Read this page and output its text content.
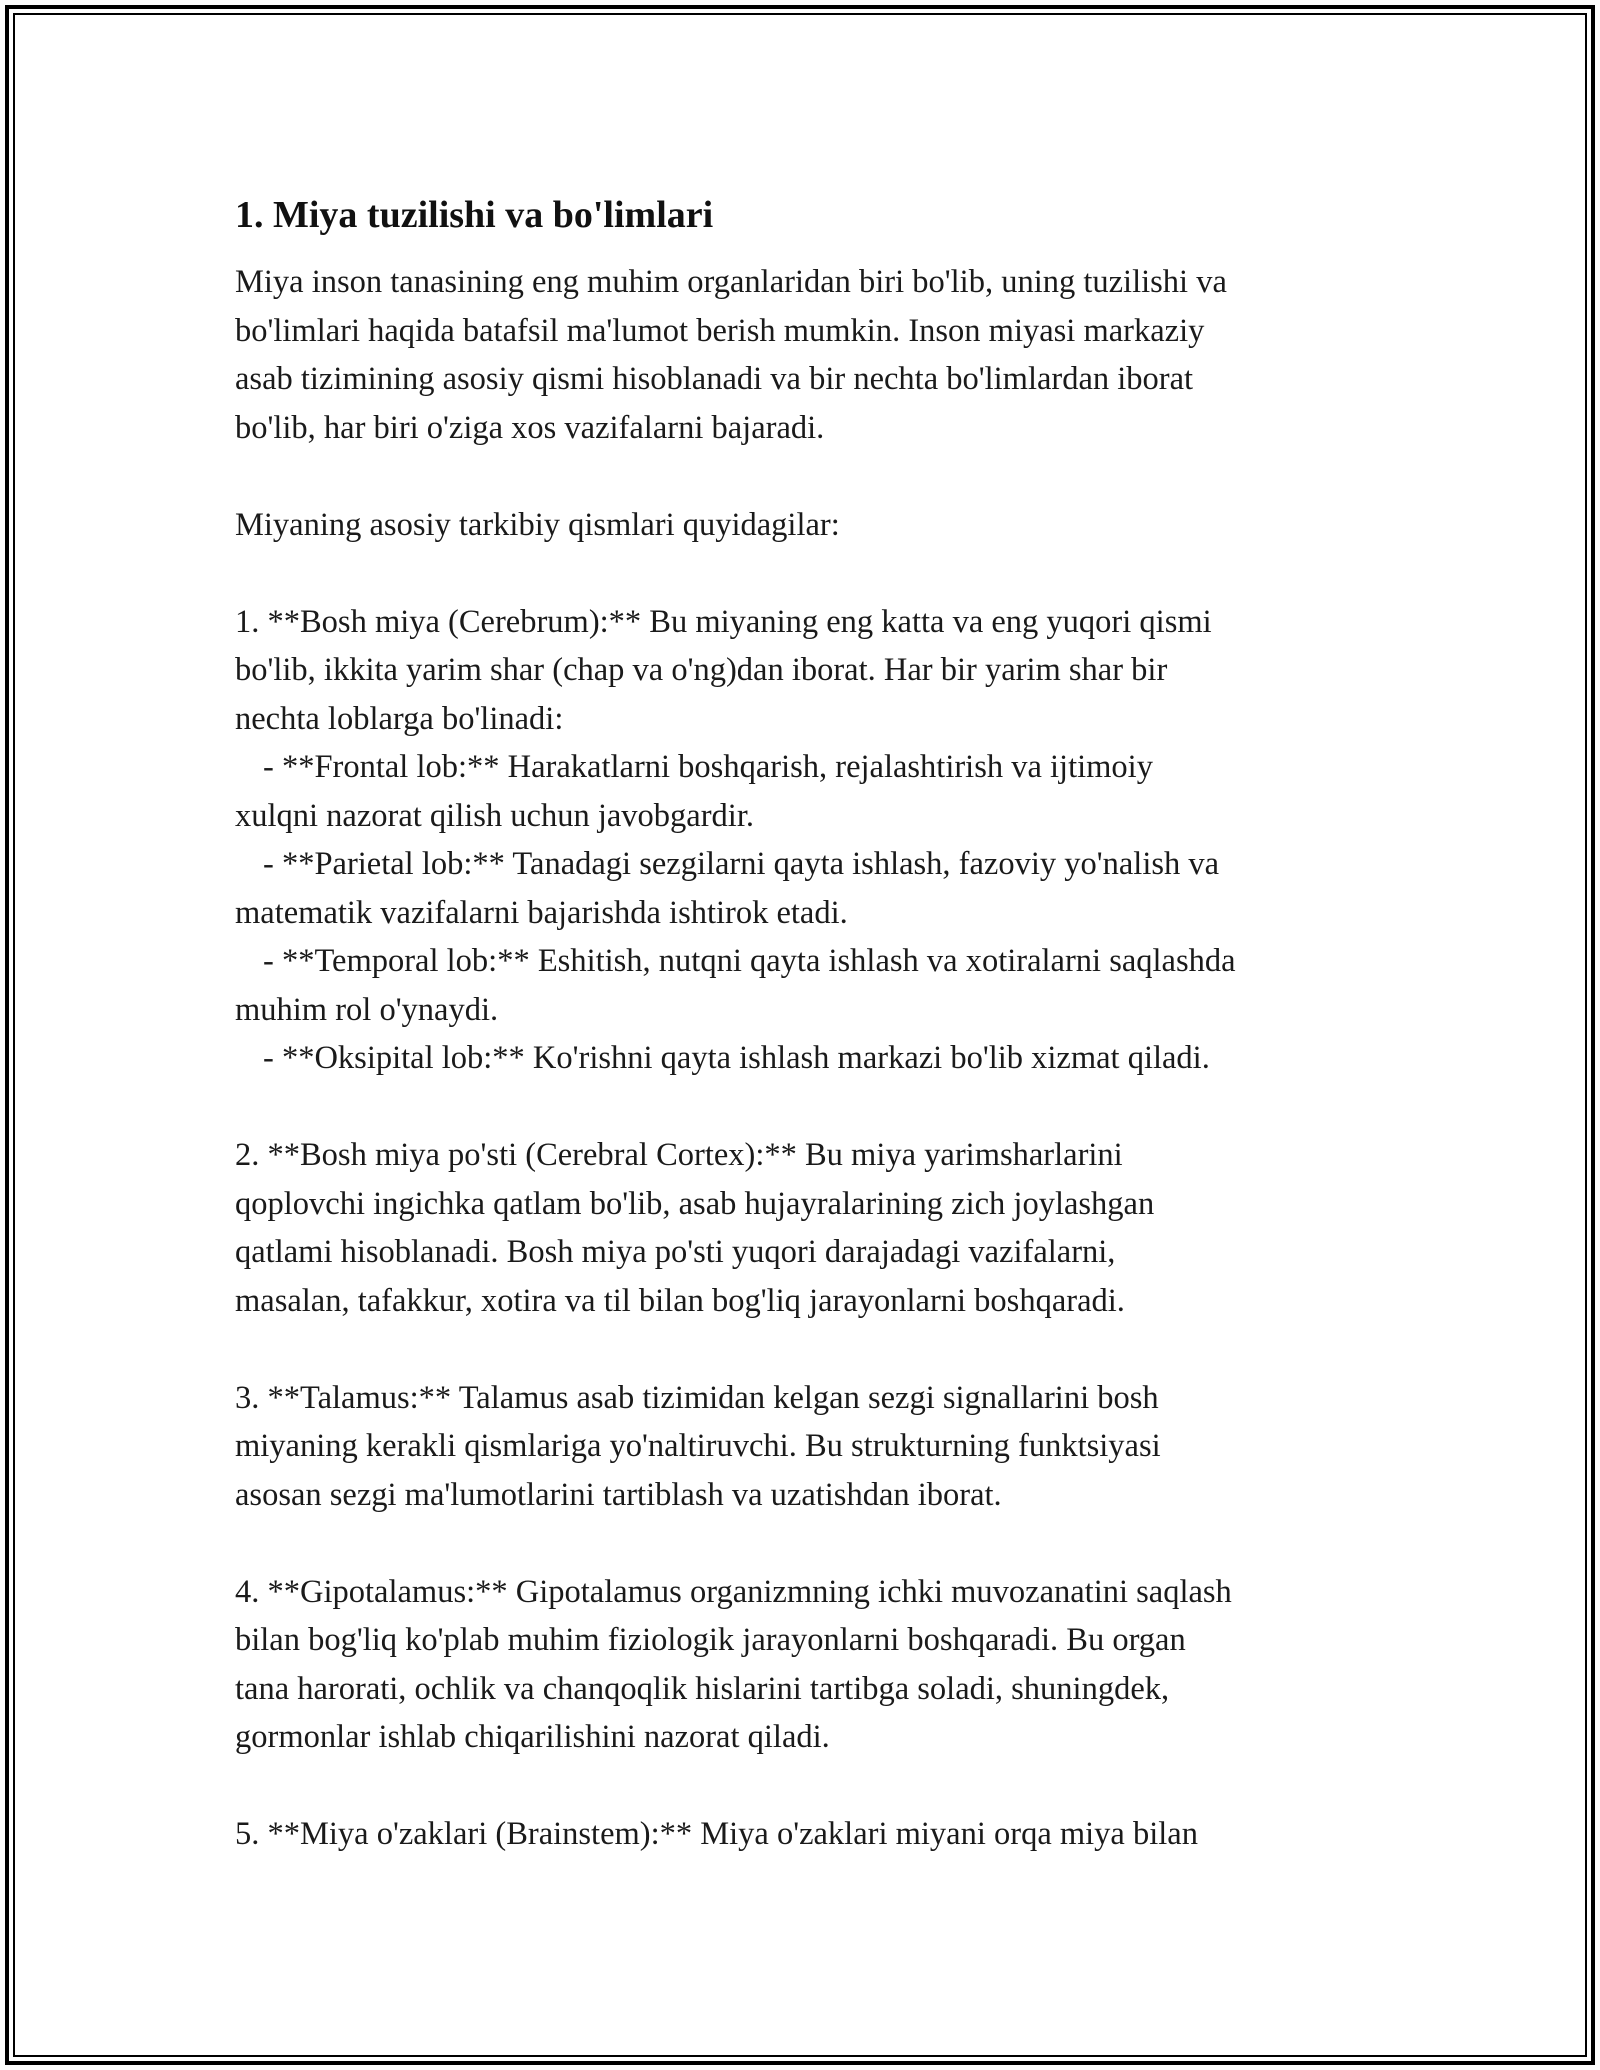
1. Miya tuzilishi va bo'limlari

Miya inson tanasining eng muhim organlaridan biri bo'lib, uning tuzilishi va

bo'limlari haqida batafsil ma'lumot berish mumkin. Inson miyasi markaziy

asab tizimining asosiy qismi hisoblanadi va bir nechta bo'limlardan iborat

bo'lib, har biri o'ziga xos vazifalarni bajaradi.

Miyaning asosiy tarkibiy qismlari quyidagilar:

1. **Bosh miya (Cerebrum):** Bu miyaning eng katta va eng yuqori qismi

bo'lib, ikkita yarim shar (chap va o'ng)dan iborat. Har bir yarim shar bir

nechta loblarga bo'linadi:

- **Frontal lob:** Harakatlarni boshqarish, rejalashtirish va ijtimoiy

xulqni nazorat qilish uchun javobgardir.

- **Parietal lob:** Tanadagi sezgilarni qayta ishlash, fazoviy yo'nalish va

matematik vazifalarni bajarishda ishtirok etadi.

- **Temporal lob:** Eshitish, nutqni qayta ishlash va xotiralarni saqlashda

muhim rol o'ynaydi.

- **Oksipital lob:** Ko'rishni qayta ishlash markazi bo'lib xizmat qiladi.

2. **Bosh miya po'sti (Cerebral Cortex):** Bu miya yarimsharlarini

qoplovchi ingichka qatlam bo'lib, asab hujayralarining zich joylashgan

qatlami hisoblanadi. Bosh miya po'sti yuqori darajadagi vazifalarni,

masalan, tafakkur, xotira va til bilan bog'liq jarayonlarni boshqaradi.

3. **Talamus:** Talamus asab tizimidan kelgan sezgi signallarini bosh

miyaning kerakli qismlariga yo'naltiruvchi. Bu strukturning funktsiyasi

asosan sezgi ma'lumotlarini tartiblash va uzatishdan iborat.

4. **Gipotalamus:** Gipotalamus organizmning ichki muvozanatini saqlash

bilan bog'liq ko'plab muhim fiziologik jarayonlarni boshqaradi. Bu organ

tana harorati, ochlik va chanqoqlik hislarini tartibga soladi, shuningdek,

gormonlar ishlab chiqarilishini nazorat qiladi.

5. **Miya o'zaklari (Brainstem):** Miya o'zaklari miyani orqa miya bilan
